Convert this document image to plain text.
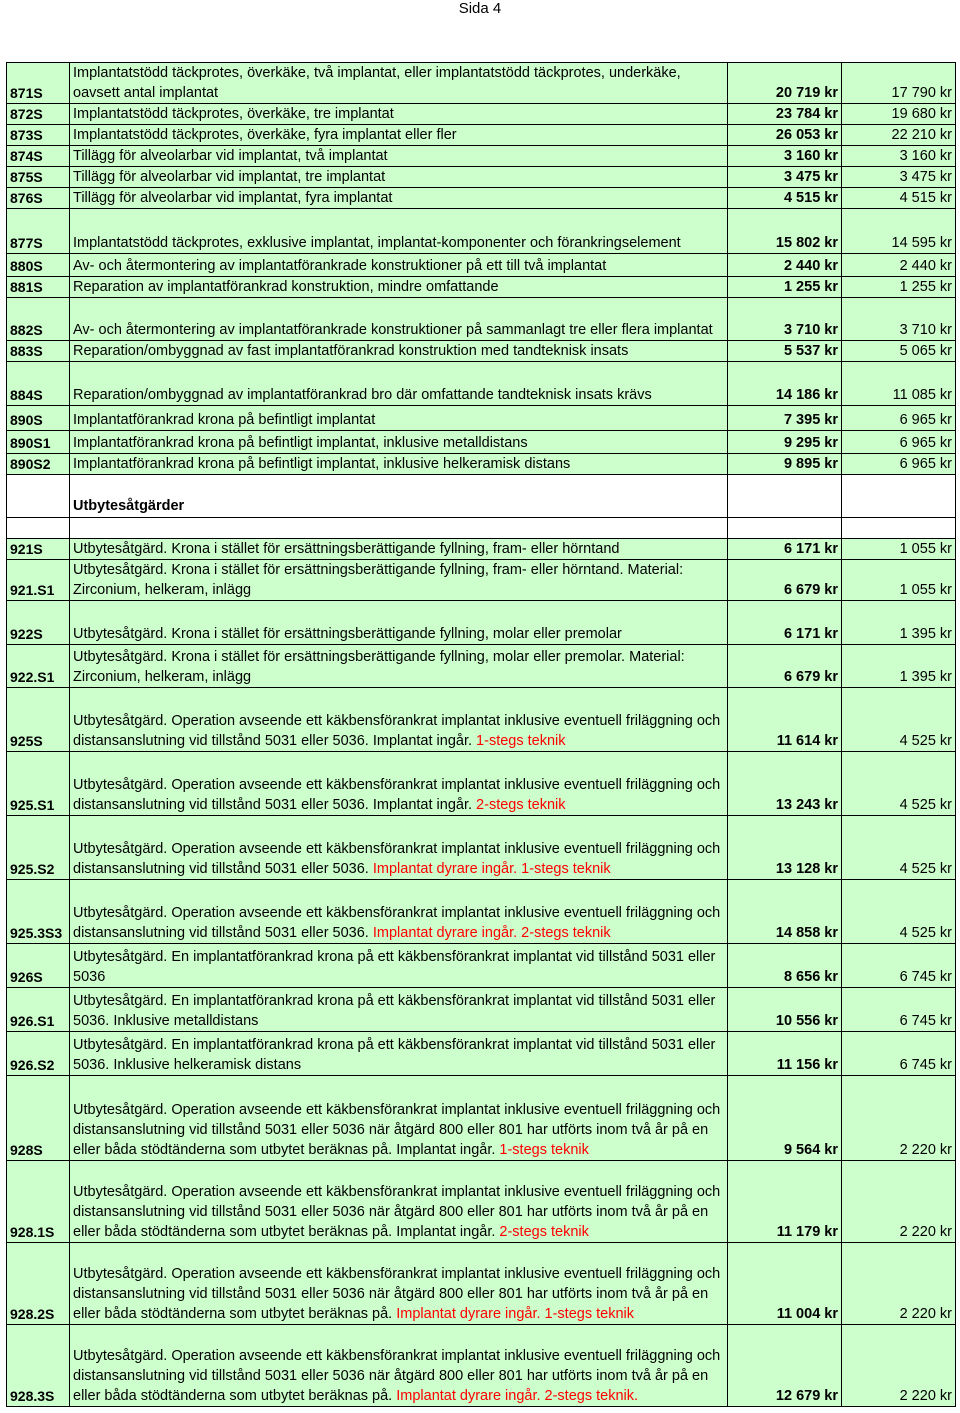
Sida 4
871S	Implantatstödd täckprotes, överkäke, två implantat, eller implantatstödd täckprotes, underkäke, oavsett antal implantat	20 719 kr	17 790 kr
872S	Implantatstödd täckprotes, överkäke, tre implantat	23 784 kr	19 680 kr
873S	Implantatstödd täckprotes, överkäke, fyra implantat eller fler	26 053 kr	22 210 kr
874S	Tillägg för alveolarbar vid implantat, två implantat	3 160 kr	3 160 kr
875S	Tillägg för alveolarbar vid implantat, tre implantat	3 475 kr	3 475 kr
876S	Tillägg för alveolarbar vid implantat, fyra implantat	4 515 kr	4 515 kr
877S	Implantatstödd täckprotes, exklusive implantat, implantat-komponenter och förankringselement	15 802 kr	14 595 kr
880S	Av- och återmontering av implantatförankrade konstruktioner på ett till två implantat	2 440 kr	2 440 kr
881S	Reparation av implantatförankrad konstruktion, mindre omfattande	1 255 kr	1 255 kr
882S	Av- och återmontering av implantatförankrade konstruktioner på sammanlagt tre eller flera implantat	3 710 kr	3 710 kr
883S	Reparation/ombyggnad av fast implantatförankrad konstruktion med tandteknisk insats	5 537 kr	5 065 kr
884S	Reparation/ombyggnad av implantatförankrad bro där omfattande tandteknisk insats krävs	14 186 kr	11 085 kr
890S	Implantatförankrad krona på befintligt implantat	7 395 kr	6 965 kr
890S1	Implantatförankrad krona på befintligt implantat, inklusive metalldistans	9 295 kr	6 965 kr
890S2	Implantatförankrad krona på befintligt implantat, inklusive helkeramisk distans	9 895 kr	6 965 kr
	Utbytesåtgärder		

921S	Utbytesåtgärd. Krona i stället för ersättningsberättigande fyllning, fram- eller hörntand	6 171 kr	1 055 kr
921.S1	Utbytesåtgärd. Krona i stället för ersättningsberättigande fyllning, fram- eller hörntand. Material: Zirconium, helkeram, inlägg	6 679 kr	1 055 kr
922S	Utbytesåtgärd. Krona i stället för ersättningsberättigande fyllning, molar eller premolar	6 171 kr	1 395 kr
922.S1	Utbytesåtgärd. Krona i stället för ersättningsberättigande fyllning, molar eller premolar. Material: Zirconium, helkeram, inlägg	6 679 kr	1 395 kr
925S	Utbytesåtgärd. Operation avseende ett käkbensförankrat implantat inklusive eventuell friläggning och distansanslutning vid tillstånd 5031 eller 5036. Implantat ingår. 1-stegs teknik	11 614 kr	4 525 kr
925.S1	Utbytesåtgärd. Operation avseende ett käkbensförankrat implantat inklusive eventuell friläggning och distansanslutning vid tillstånd 5031 eller 5036. Implantat ingår. 2-stegs teknik	13 243 kr	4 525 kr
925.S2	Utbytesåtgärd. Operation avseende ett käkbensförankrat implantat inklusive eventuell friläggning och distansanslutning vid tillstånd 5031 eller 5036. Implantat dyrare ingår. 1-stegs teknik	13 128 kr	4 525 kr
925.3S3	Utbytesåtgärd. Operation avseende ett käkbensförankrat implantat inklusive eventuell friläggning och distansanslutning vid tillstånd 5031 eller 5036. Implantat dyrare ingår. 2-stegs teknik	14 858 kr	4 525 kr
926S	Utbytesåtgärd. En implantatförankrad krona på ett käkbensförankrat implantat vid tillstånd 5031 eller 5036	8 656 kr	6 745 kr
926.S1	Utbytesåtgärd. En implantatförankrad krona på ett käkbensförankrat implantat vid tillstånd 5031 eller 5036. Inklusive metalldistans	10 556 kr	6 745 kr
926.S2	Utbytesåtgärd. En implantatförankrad krona på ett käkbensförankrat implantat vid tillstånd 5031 eller 5036. Inklusive helkeramisk distans	11 156 kr	6 745 kr
928S	Utbytesåtgärd. Operation avseende ett käkbensförankrat implantat inklusive eventuell friläggning och distansanslutning vid tillstånd 5031 eller 5036 när åtgärd 800 eller 801 har utförts inom två år på en eller båda stödtänderna som utbytet beräknas på. Implantat ingår. 1-stegs teknik	9 564 kr	2 220 kr
928.1S	Utbytesåtgärd. Operation avseende ett käkbensförankrat implantat inklusive eventuell friläggning och distansanslutning vid tillstånd 5031 eller 5036 när åtgärd 800 eller 801 har utförts inom två år på en eller båda stödtänderna som utbytet beräknas på. Implantat ingår. 2-stegs teknik	11 179 kr	2 220 kr
928.2S	Utbytesåtgärd. Operation avseende ett käkbensförankrat implantat inklusive eventuell friläggning och distansanslutning vid tillstånd 5031 eller 5036 när åtgärd 800 eller 801 har utförts inom två år på en eller båda stödtänderna som utbytet beräknas på. Implantat dyrare ingår. 1-stegs teknik	11 004 kr	2 220 kr
928.3S	Utbytesåtgärd. Operation avseende ett käkbensförankrat implantat inklusive eventuell friläggning och distansanslutning vid tillstånd 5031 eller 5036 när åtgärd 800 eller 801 har utförts inom två år på en eller båda stödtänderna som utbytet beräknas på. Implantat dyrare ingår. 2-stegs teknik.	12 679 kr	2 220 kr
